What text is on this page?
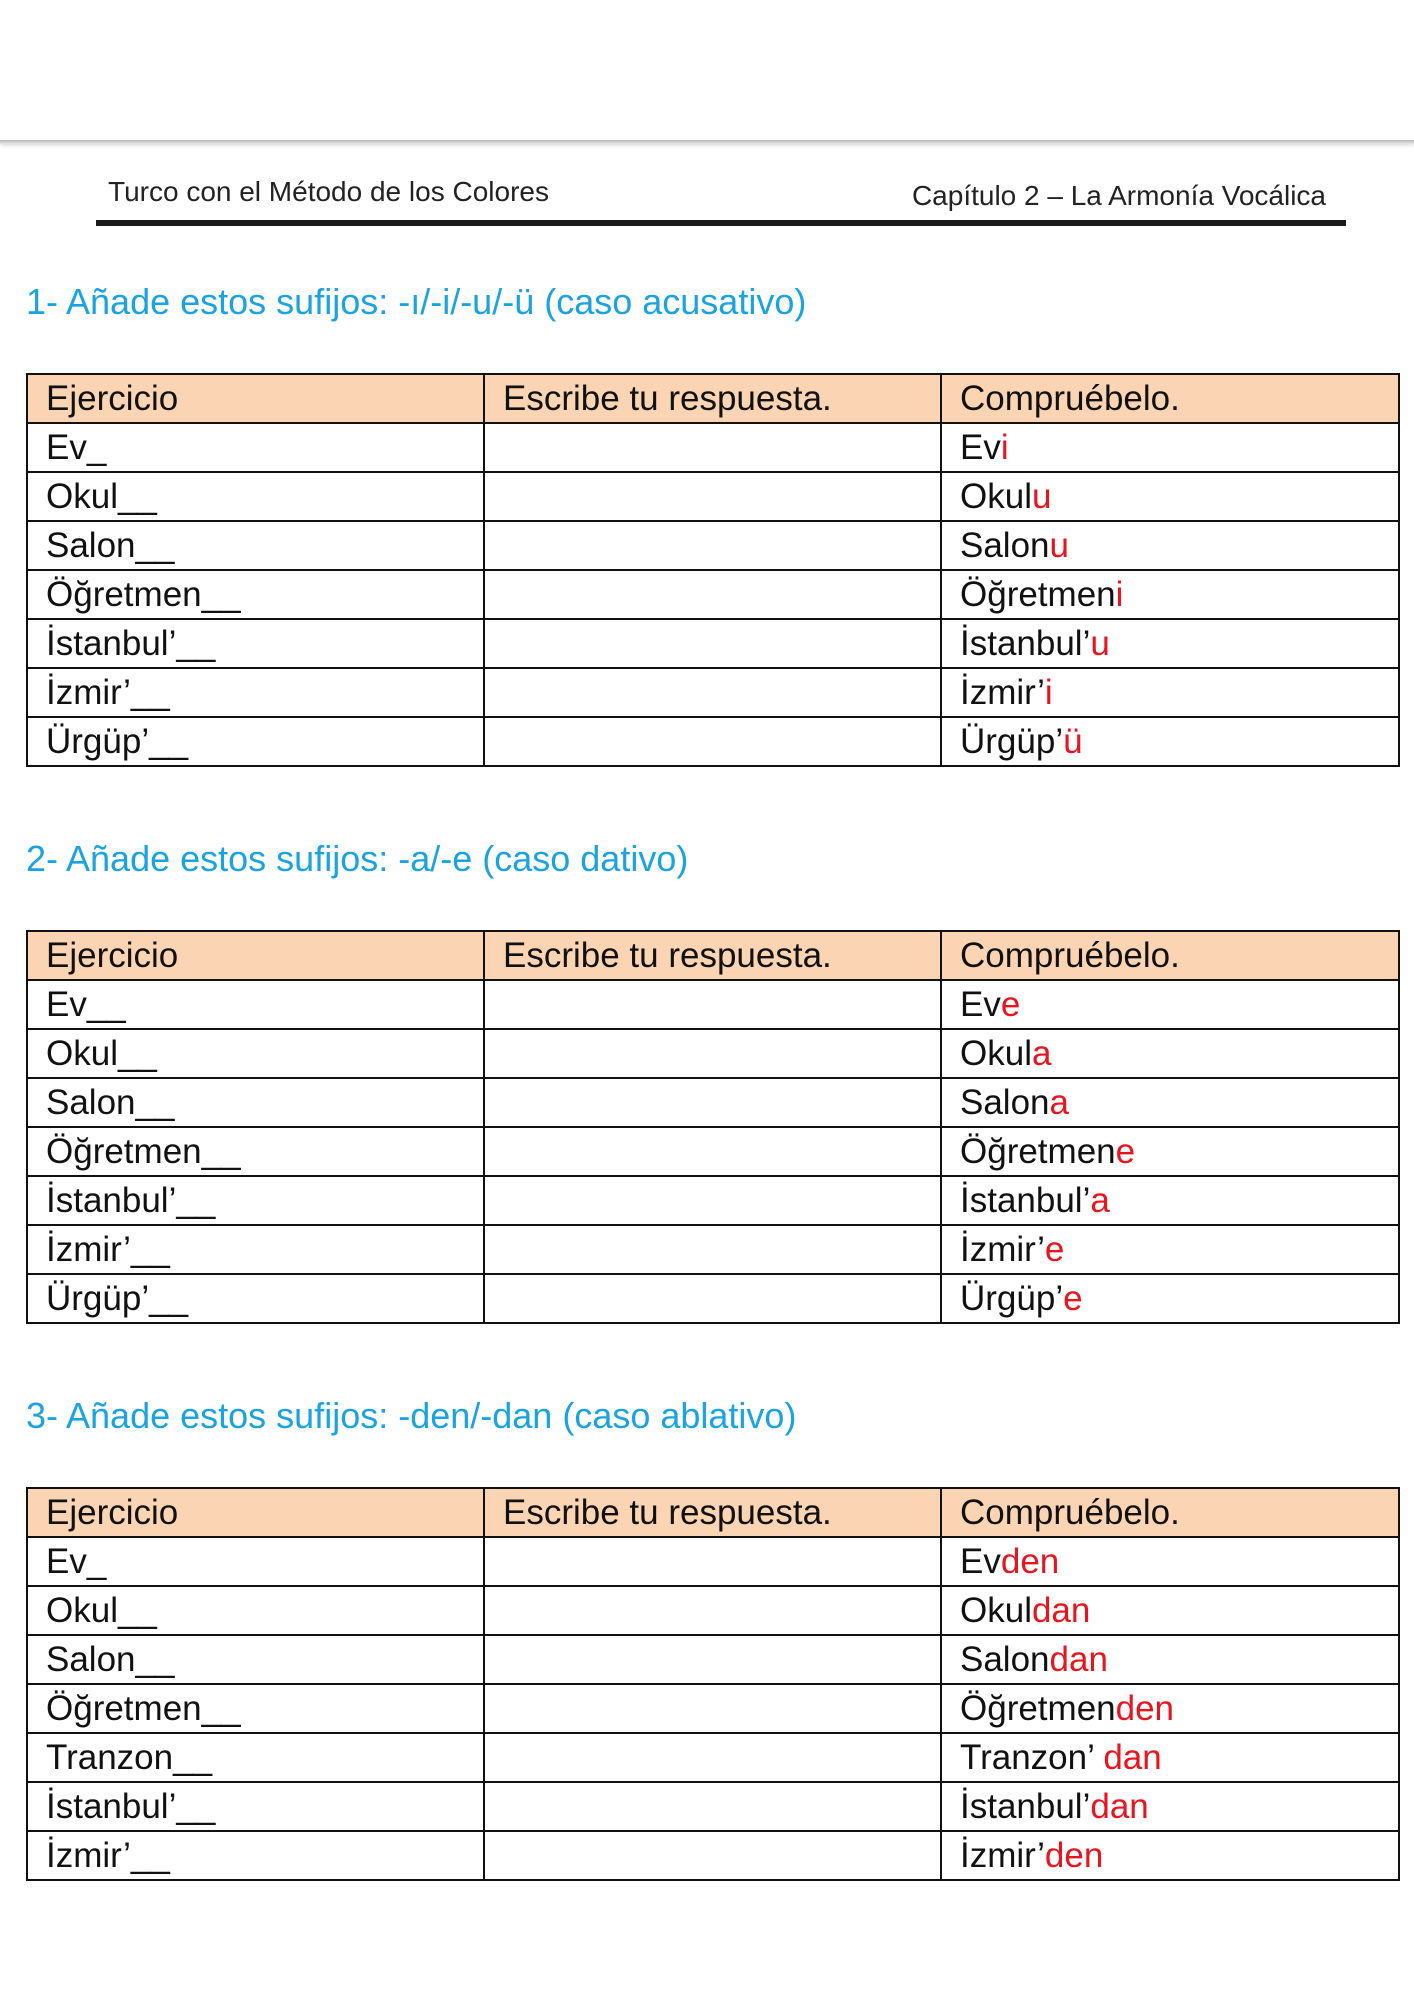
Turco con el Método de los Colores	Capítulo 2 – La Armonía Vocálica
1- Añade estos sufijos: -ı/-i/-u/-ü (caso acusativo)
Ejercicio	Escribe tu respuesta.	Compruébelo.
Ev_		Evi
Okul__		Okulu
Salon__		Salonu
Öğretmen__		Öğretmeni
İstanbul’__		İstanbul’u
İzmir’__		İzmir’i
Ürgüp’__		Ürgüp’ü
2- Añade estos sufijos: -a/-e (caso dativo)
Ejercicio	Escribe tu respuesta.	Compruébelo.
Ev__		Eve
Okul__		Okula
Salon__		Salona
Öğretmen__		Öğretmene
İstanbul’__		İstanbul’a
İzmir’__		İzmir’e
Ürgüp’__		Ürgüp’e
3- Añade estos sufijos: -den/-dan (caso ablativo)
Ejercicio	Escribe tu respuesta.	Compruébelo.
Ev_		Evden
Okul__		Okuldan
Salon__		Salondan
Öğretmen__		Öğretmenden
Tranzon__		Tranzon’ dan
İstanbul’__		İstanbul’dan
İzmir’__		İzmir’den
